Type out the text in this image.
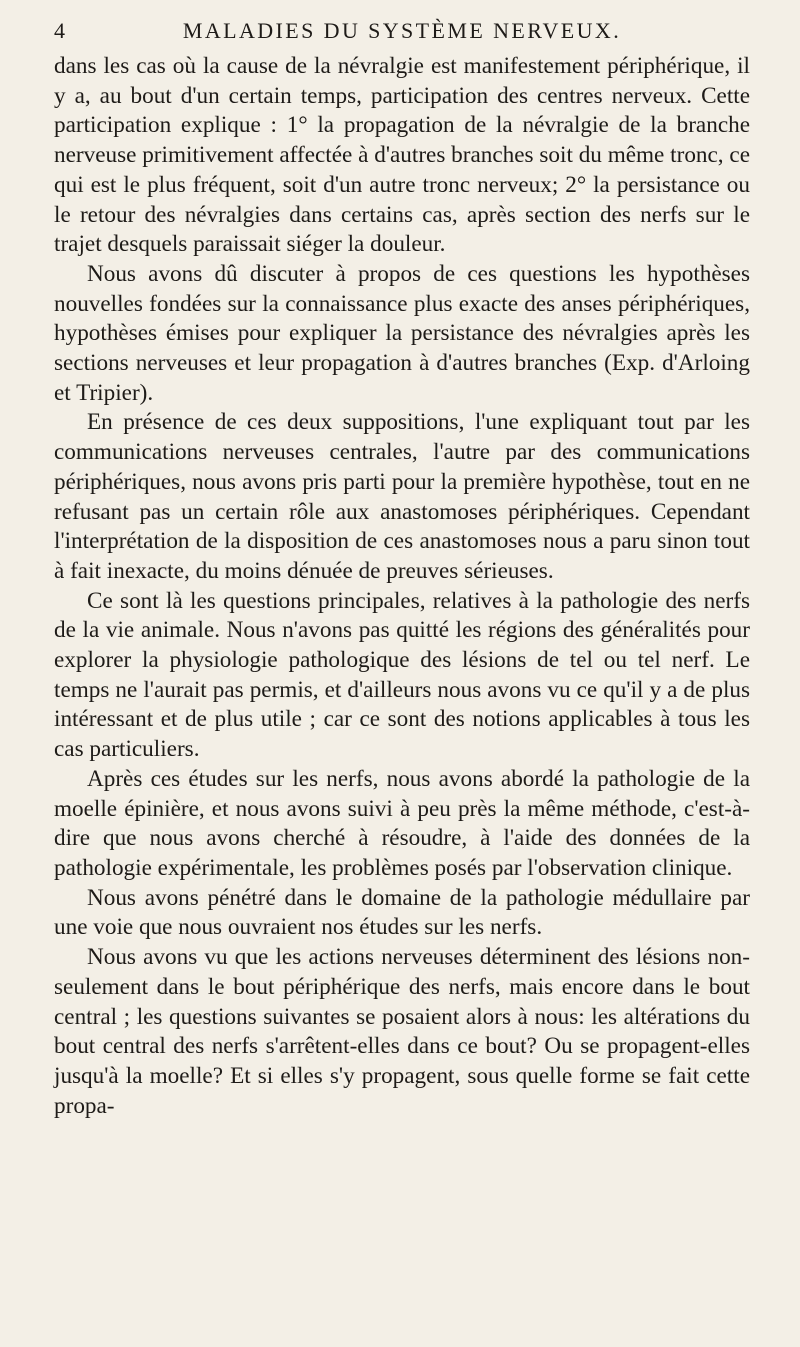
4	MALADIES DU SYSTÈME NERVEUX.

dans les cas où la cause de la névralgie est manifestement périphérique, il y a, au bout d'un certain temps, participation des centres nerveux. Cette participation explique : 1° la propagation de la névralgie de la branche nerveuse primitivement affectée à d'autres branches soit du même tronc, ce qui est le plus fréquent, soit d'un autre tronc nerveux; 2° la persistance ou le retour des névralgies dans certains cas, après section des nerfs sur le trajet desquels paraissait siéger la douleur.

Nous avons dû discuter à propos de ces questions les hypothèses nouvelles fondées sur la connaissance plus exacte des anses périphériques, hypothèses émises pour expliquer la persistance des névralgies après les sections nerveuses et leur propagation à d'autres branches (Exp. d'Arloing et Tripier).

En présence de ces deux suppositions, l'une expliquant tout par les communications nerveuses centrales, l'autre par des communications périphériques, nous avons pris parti pour la première hypothèse, tout en ne refusant pas un certain rôle aux anastomoses périphériques. Cependant l'interprétation de la disposition de ces anastomoses nous a paru sinon tout à fait inexacte, du moins dénuée de preuves sérieuses.

Ce sont là les questions principales, relatives à la pathologie des nerfs de la vie animale. Nous n'avons pas quitté les régions des généralités pour explorer la physiologie pathologique des lésions de tel ou tel nerf. Le temps ne l'aurait pas permis, et d'ailleurs nous avons vu ce qu'il y a de plus intéressant et de plus utile ; car ce sont des notions applicables à tous les cas particuliers.

Après ces études sur les nerfs, nous avons abordé la pathologie de la moelle épinière, et nous avons suivi à peu près la même méthode, c'est-à-dire que nous avons cherché à résoudre, à l'aide des données de la pathologie expérimentale, les problèmes posés par l'observation clinique.

Nous avons pénétré dans le domaine de la pathologie médullaire par une voie que nous ouvraient nos études sur les nerfs.

Nous avons vu que les actions nerveuses déterminent des lésions non-seulement dans le bout périphérique des nerfs, mais encore dans le bout central ; les questions suivantes se posaient alors à nous: les altérations du bout central des nerfs s'arrêtent-elles dans ce bout? Ou se propagent-elles jusqu'à la moelle? Et si elles s'y propagent, sous quelle forme se fait cette propa-
